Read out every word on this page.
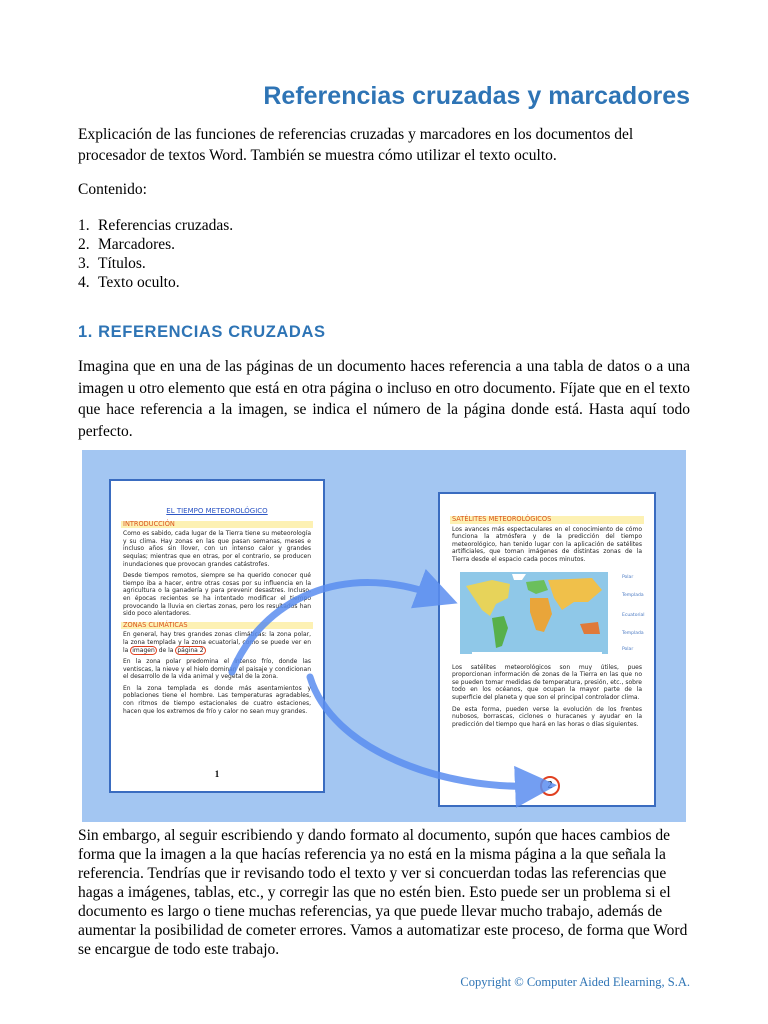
Referencias cruzadas y marcadores

Explicación de las funciones de referencias cruzadas y marcadores en los documentos del procesador de textos Word. También se muestra cómo utilizar el texto oculto.

Contenido:

1. Referencias cruzadas.
2. Marcadores.
3. Títulos.
4. Texto oculto.
1. REFERENCIAS CRUZADAS

Imagina que en una de las páginas de un documento haces referencia a una tabla de datos o a una imagen u otro elemento que está en otra página o incluso en otro documento. Fíjate que en el texto que hace referencia a la imagen, se indica el número de la página donde está. Hasta aquí todo perfecto.

EL TIEMPO METEOROLÓGICO
INTRODUCCIÓN
Como es sabido, cada lugar de la Tierra tiene su meteorología y su clima. Hay zonas en las que pasan semanas, meses e incluso años sin llover, con un intenso calor y grandes sequías; mientras que en otras, por el contrario, se producen inundaciones que provocan grandes catástrofes.
Desde tiempos remotos, siempre se ha querido conocer qué tiempo iba a hacer, entre otras cosas por su influencia en la agricultura o la ganadería y para prevenir desastres. Incluso, en épocas recientes se ha intentado modificar el tiempo provocando la lluvia en ciertas zonas, pero los resultados han sido poco alentadores.
ZONAS CLIMÁTICAS
En general, hay tres grandes zonas climáticas: la zona polar, la zona templada y la zona ecuatorial, como se puede ver en la imagen de la página 2
En la zona polar predomina el intenso frío, donde las ventiscas, la nieve y el hielo dominan el paisaje y condicionan el desarrollo de la vida animal y vegetal de la zona.
En la zona templada es donde más asentamientos y poblaciones tiene el hombre. Las temperaturas agradables, con ritmos de tiempo estacionales de cuatro estaciones, hacen que los extremos de frío y calor no sean muy grandes.
1
SATÉLITES METEOROLÓGICOS
Los avances más espectaculares en el conocimiento de cómo funciona la atmósfera y de la predicción del tiempo meteorológico, han tenido lugar con la aplicación de satélites artificiales, que toman imágenes de distintas zonas de la Tierra desde el espacio cada pocos minutos.
Polar
Templada
Ecuatorial
Templada
Polar
Los satélites meteorológicos son muy útiles, pues proporcionan información de zonas de la Tierra en las que no se pueden tomar medidas de temperatura, presión, etc., sobre todo en los océanos, que ocupan la mayor parte de la superficie del planeta y que son el principal controlador clima.
De esta forma, pueden verse la evolución de los frentes nubosos, borrascas, ciclones o huracanes y ayudar en la predicción del tiempo que hará en las horas o días siguientes.
2

Sin embargo, al seguir escribiendo y dando formato al documento, supón que haces cambios de forma que la imagen a la que hacías referencia ya no está en la misma página a la que señala la referencia. Tendrías que ir revisando todo el texto y ver si concuerdan todas las referencias que hagas a imágenes, tablas, etc., y corregir las que no estén bien. Esto puede ser un problema si el documento es largo o tiene muchas referencias, ya que puede llevar mucho trabajo, además de aumentar la posibilidad de cometer errores. Vamos a automatizar este proceso, de forma que Word se encargue de todo este trabajo.

Copyright © Computer Aided Elearning, S.A.
